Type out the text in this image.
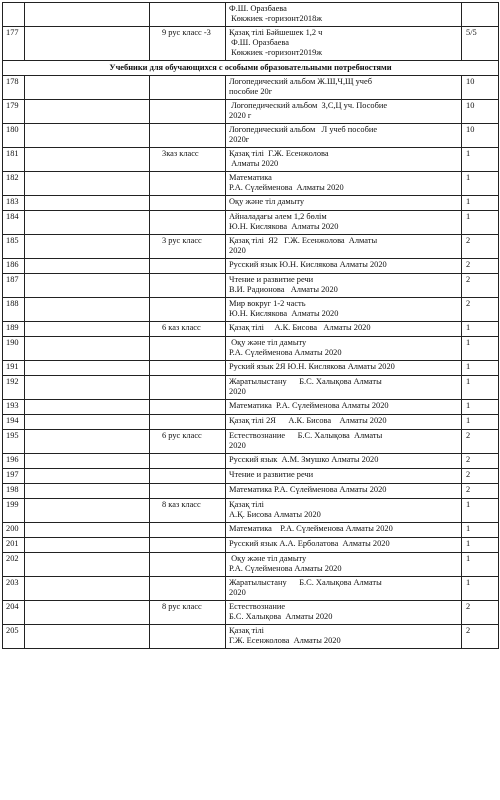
			Ф.Ш. Оразбаева
Көкжиек -горизонт2018ж	

177		9 рус класс -3	Қазақ тілі Бәйшешек 1,2 ч
Ф.Ш. Оразбаева
Көкжиек -горизонт2019ж	5/5
Учебники для обучающихся с особыми образовательными потребностями				
178			Логопедический альбом Ж.Ш,Ч,Щ учеб
пособие 20г	10
179			Логопедический альбом  З,С,Ц уч. Пособие
2020 г	10
180			Логопедический альбом   Л учеб пособие
2020г	10
181		3каз класс	Қазақ тілі  Г.Ж. Есенжолова
Алматы 2020	1
182			Математика
Р.А. Сүлейменова  Алматы 2020	1
183			Оқу және тіл дамыту	1
184			Айналадағы әлем 1,2 бөлім
Ю.Н. Кислякова  Алматы 2020	1
185		3 рус класс	Қазақ тілі  Я2   Г.Ж. Есенжолова  Алматы
2020	2
186			Русский язык Ю.Н. Кислякова Алматы 2020	2
187			Чтение и развитие речи
В.И. Радионова   Алматы 2020	2
188			Мир вокруг 1-2 часть
Ю.Н. Кислякова  Алматы 2020	2
189		6 каз класс	Қазақ тілі     А.К. Бисова   Алматы 2020	1
190			Оқу және тіл дамыту
Р.А. Сүлейменова Алматы 2020	1
191			Руский язык 2Я Ю.Н. Кислякова Алматы 2020	1
192			Жаратылыстану      Б.С. Халықова Алматы
2020	1
193			Математика  Р.А. Сүлейменова Алматы 2020	1
194			Қазақ тілі 2Я      А.К. Бисова    Алматы 2020	1
195		6 рус класс	Естествознание      Б.С. Халықова  Алматы
2020	2
196			Русский язык  А.М. Змушко Алматы 2020	2
197			Чтение и развитие речи	2
198			Математика Р.А. Сүлейменова Алматы 2020	2
199		8 каз класс	Қазақ тілі
А.Қ. Бисова Алматы 2020	1
200			Математика    Р.А. Сүлейменова Алматы 2020	1
201			Русский язык А.А. Ерболатова  Алматы 2020	1
202			Оқу және тіл дамыту
Р.А. Сүлейменова Алматы 2020	1
203			Жаратылыстану      Б.С. Халықова Алматы
2020	1
204		8 рус класс	Естествознание
Б.С. Халықова  Алматы 2020	2
205			Қазақ тілі
Г.Ж. Есенжолова  Алматы 2020	2
